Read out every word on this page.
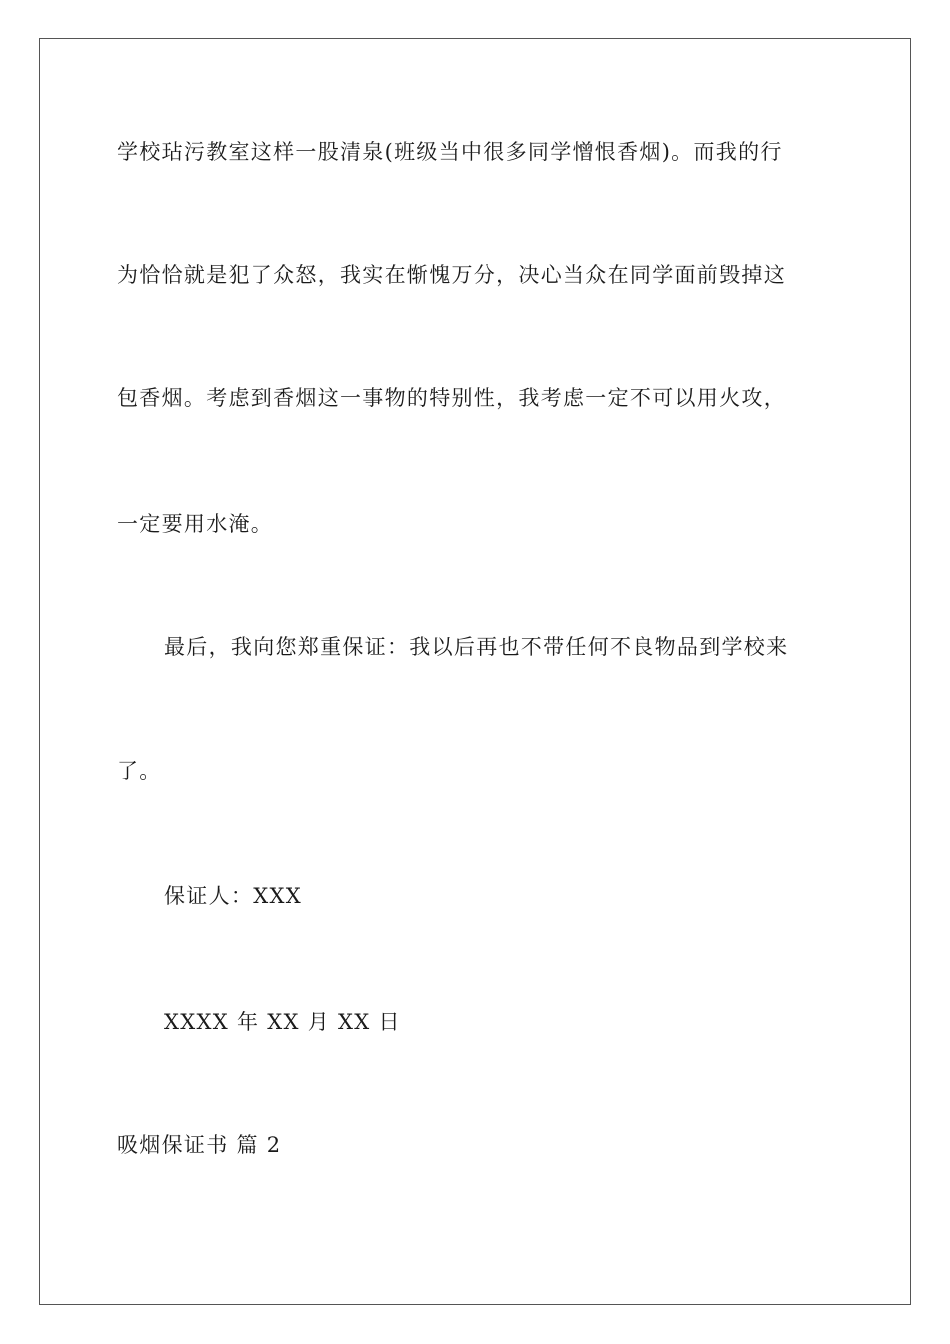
学校玷污教室这样一股清泉(班级当中很多同学憎恨香烟)。而我的行
为恰恰就是犯了众怒，我实在惭愧万分，决心当众在同学面前毁掉这
包香烟。考虑到香烟这一事物的特别性，我考虑一定不可以用火攻，
一定要用水淹。
最后，我向您郑重保证：我以后再也不带任何不良物品到学校来
了。
保证人：XXX
XXXX 年 XX 月 XX 日
吸烟保证书 篇 2
